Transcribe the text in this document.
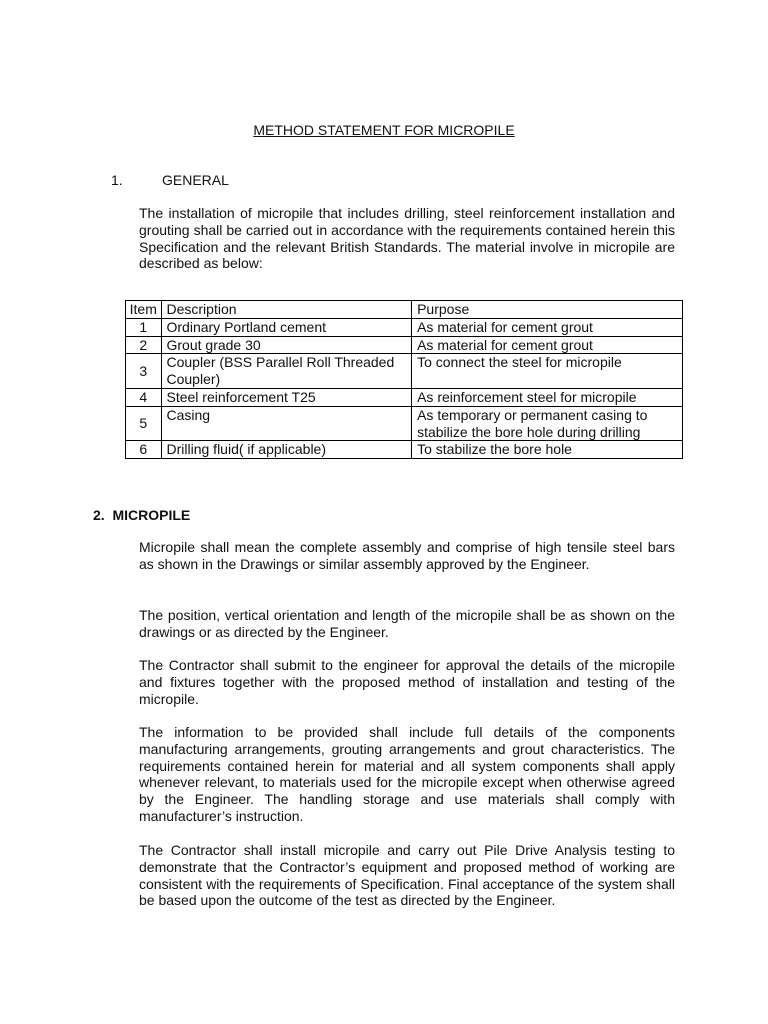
METHOD STATEMENT FOR MICROPILE
1.	GENERAL

The installation of micropile that includes drilling, steel reinforcement installation and grouting shall be carried out in accordance with the requirements contained herein this Specification and the relevant British Standards. The material involve in micropile are described as below:

Item	Description	Purpose
1	Ordinary Portland cement	As material for cement grout
2	Grout grade 30	As material for cement grout
3	Coupler (BSS Parallel Roll Threaded Coupler)	To connect the steel for micropile
4	Steel reinforcement T25	As reinforcement steel for micropile
5	Casing	As temporary or permanent casing to stabilize the bore hole during drilling
6	Drilling fluid( if applicable)	To stabilize the bore hole
2.  MICROPILE

Micropile shall mean the complete assembly and comprise of high tensile steel bars as shown in the Drawings or similar assembly approved by the Engineer.

The position, vertical orientation and length of the micropile shall be as shown on the drawings or as directed by the Engineer.

The Contractor shall submit to the engineer for approval the details of the micropile and fixtures together with the proposed method of installation and testing of the micropile.

The information to be provided shall include full details of the components manufacturing arrangements, grouting arrangements and grout characteristics. The requirements contained herein for material and all system components shall apply whenever relevant, to materials used for the micropile except when otherwise agreed by the Engineer. The handling storage and use materials shall comply with manufacturer’s instruction.

The Contractor shall install micropile and carry out Pile Drive Analysis testing to demonstrate that the Contractor’s equipment and proposed method of working are consistent with the requirements of Specification. Final acceptance of the system shall be based upon the outcome of the test as directed by the Engineer.
